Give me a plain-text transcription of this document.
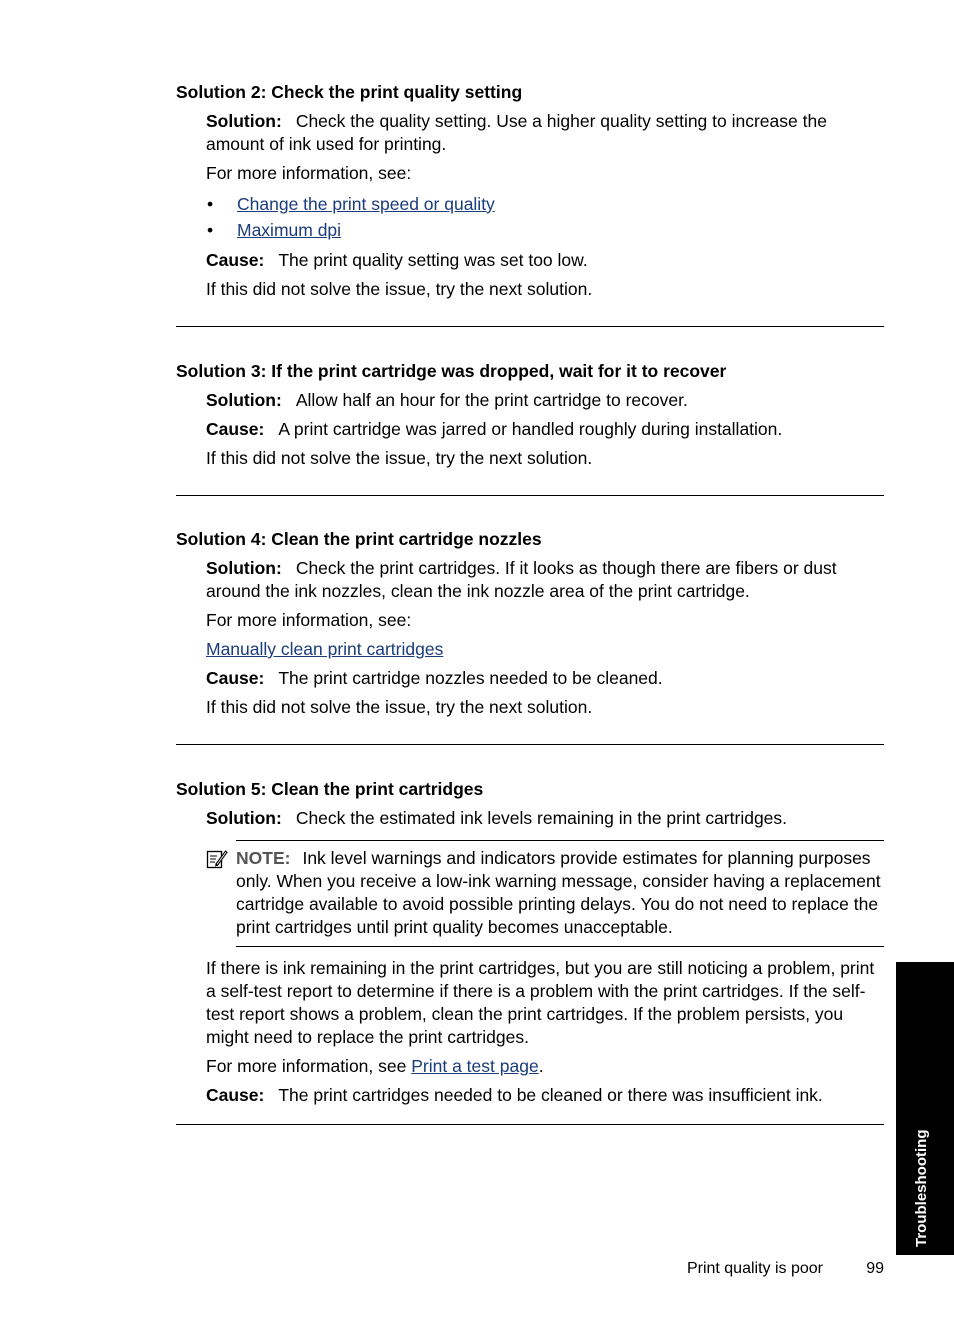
Solution 2: Check the print quality setting

Solution: Check the quality setting. Use a higher quality setting to increase the amount of ink used for printing.

For more information, see:

• Change the print speed or quality
• Maximum dpi

Cause: The print quality setting was set too low.

If this did not solve the issue, try the next solution.

Solution 3: If the print cartridge was dropped, wait for it to recover

Solution: Allow half an hour for the print cartridge to recover.

Cause: A print cartridge was jarred or handled roughly during installation.

If this did not solve the issue, try the next solution.

Solution 4: Clean the print cartridge nozzles

Solution: Check the print cartridges. If it looks as though there are fibers or dust around the ink nozzles, clean the ink nozzle area of the print cartridge.

For more information, see:

Manually clean print cartridges

Cause: The print cartridge nozzles needed to be cleaned.

If this did not solve the issue, try the next solution.

Solution 5: Clean the print cartridges

Solution: Check the estimated ink levels remaining in the print cartridges.

NOTE: Ink level warnings and indicators provide estimates for planning purposes only. When you receive a low-ink warning message, consider having a replacement cartridge available to avoid possible printing delays. You do not need to replace the print cartridges until print quality becomes unacceptable.

If there is ink remaining in the print cartridges, but you are still noticing a problem, print a self-test report to determine if there is a problem with the print cartridges. If the self-test report shows a problem, clean the print cartridges. If the problem persists, you might need to replace the print cartridges.

For more information, see Print a test page.

Cause: The print cartridges needed to be cleaned or there was insufficient ink.

Troubleshooting
Print quality is poor	99
